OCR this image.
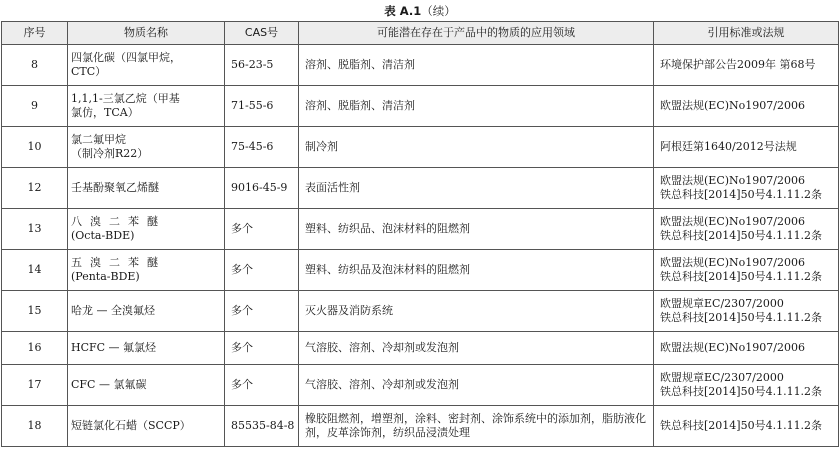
表 A.1（续）
序号	物质名称	CAS号	可能潜在存在于产品中的物质的应用领域	引用标准或法规
8	四氯化碳（四氯甲烷，
CTC）	56-23-5	溶剂、脱脂剂、清洁剂	环境保护部公告2009年 第68号

9	1,1,1-三氯乙烷（甲基
氯仿，TCA）	71-55-6	溶剂、脱脂剂、清洁剂	欧盟法规(EC)No1907/2006

10	氯二氟甲烷
（制冷剂R22）	75-45-6	制冷剂	阿根廷第1640/2012号法规

12	壬基酚聚氧乙烯醚	9016-45-9	表面活性剂	欧盟法规(EC)No1907/2006
铁总科技[2014]50号4.1.11.2条

13	八溴二苯醚
(Octa-BDE)	多个	塑料、纺织品、泡沫材料的阻燃剂	欧盟法规(EC)No1907/2006
铁总科技[2014]50号4.1.11.2条

14	五溴二苯醚
(Penta-BDE)	多个	塑料、纺织品及泡沫材料的阻燃剂	欧盟法规(EC)No1907/2006
铁总科技[2014]50号4.1.11.2条

15	哈龙 — 全溴氟烃	多个	灭火器及消防系统	欧盟规章EC/2307/2000
铁总科技[2014]50号4.1.11.2条

16	HCFC — 氟氯烃	多个	气溶胶、溶剂、冷却剂或发泡剂	欧盟法规(EC)No1907/2006

17	CFC — 氯氟碳	多个	气溶胶、溶剂、冷却剂或发泡剂	欧盟规章EC/2307/2000
铁总科技[2014]50号4.1.11.2条

18	短链氯化石蜡（SCCP）	85535-84-8	橡胶阻燃剂，增塑剂，涂料、密封剂、涂饰系统中的添加剂，脂肪液化剂，皮革涂饰剂，纺织品浸渍处理	铁总科技[2014]50号4.1.11.2条
